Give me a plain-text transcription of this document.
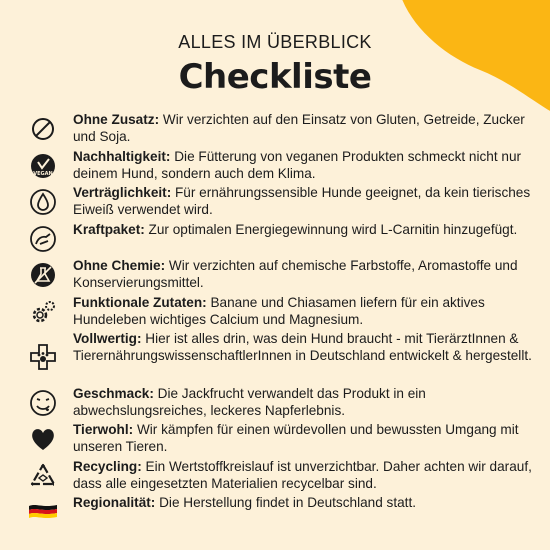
ALLES IM ÜBERBLICK
Checkliste
Ohne Zusatz: Wir verzichten auf den Einsatz von Gluten, Getreide, Zucker und Soja.
VEGAN
Nachhaltigkeit: Die Fütterung von veganen Produkten schmeckt nicht nur deinem Hund, sondern auch dem Klima.
Verträglichkeit: Für ernährungssensible Hunde geeignet, da kein tierisches Eiweiß verwendet wird.
Kraftpaket: Zur optimalen Energiegewinnung wird L-Carnitin hinzugefügt.
Ohne Chemie: Wir verzichten auf chemische Farbstoffe, Aromastoffe und Konservierungsmittel.
Funktionale Zutaten: Banane und Chiasamen liefern für ein aktives Hundeleben wichtiges Calcium und Magnesium.
Vollwertig: Hier ist alles drin, was dein Hund braucht - mit TierärztInnen & TierernährungswissenschaftlerInnen in Deutschland entwickelt & hergestellt.
Geschmack: Die Jackfrucht verwandelt das Produkt in ein abwechslungsreiches, leckeres Napferlebnis.
Tierwohl: Wir kämpfen für einen würdevollen und bewussten Umgang mit unseren Tieren.
Recycling: Ein Wertstoffkreislauf ist unverzichtbar. Daher achten wir darauf, dass alle eingesetzten Materialien recycelbar sind.
Regionalität: Die Herstellung findet in Deutschland statt.
